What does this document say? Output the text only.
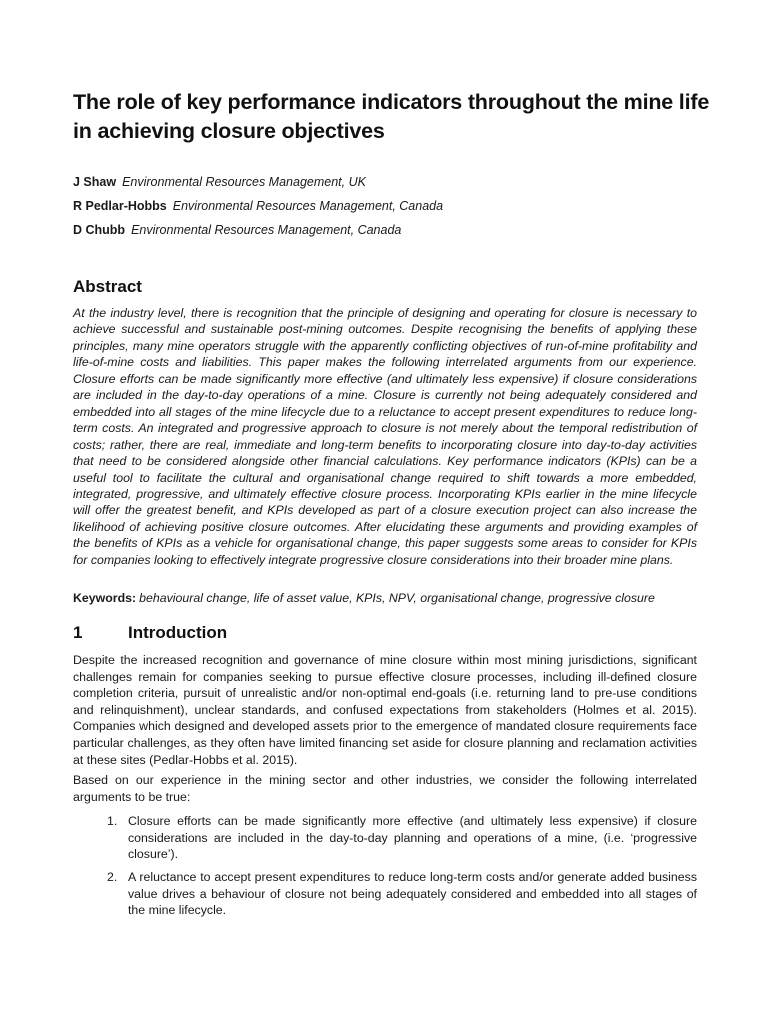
The role of key performance indicators throughout the mine life in achieving closure objectives
J Shaw Environmental Resources Management, UK
R Pedlar-Hobbs Environmental Resources Management, Canada
D Chubb Environmental Resources Management, Canada
Abstract
At the industry level, there is recognition that the principle of designing and operating for closure is necessary to achieve successful and sustainable post-mining outcomes. Despite recognising the benefits of applying these principles, many mine operators struggle with the apparently conflicting objectives of run-of-mine profitability and life-of-mine costs and liabilities. This paper makes the following interrelated arguments from our experience. Closure efforts can be made significantly more effective (and ultimately less expensive) if closure considerations are included in the day-to-day operations of a mine. Closure is currently not being adequately considered and embedded into all stages of the mine lifecycle due to a reluctance to accept present expenditures to reduce long-term costs. An integrated and progressive approach to closure is not merely about the temporal redistribution of costs; rather, there are real, immediate and long-term benefits to incorporating closure into day-to-day activities that need to be considered alongside other financial calculations. Key performance indicators (KPIs) can be a useful tool to facilitate the cultural and organisational change required to shift towards a more embedded, integrated, progressive, and ultimately effective closure process. Incorporating KPIs earlier in the mine lifecycle will offer the greatest benefit, and KPIs developed as part of a closure execution project can also increase the likelihood of achieving positive closure outcomes. After elucidating these arguments and providing examples of the benefits of KPIs as a vehicle for organisational change, this paper suggests some areas to consider for KPIs for companies looking to effectively integrate progressive closure considerations into their broader mine plans.
Keywords: behavioural change, life of asset value, KPIs, NPV, organisational change, progressive closure
1	Introduction
Despite the increased recognition and governance of mine closure within most mining jurisdictions, significant challenges remain for companies seeking to pursue effective closure processes, including ill-defined closure completion criteria, pursuit of unrealistic and/or non-optimal end-goals (i.e. returning land to pre-use conditions and relinquishment), unclear standards, and confused expectations from stakeholders (Holmes et al. 2015). Companies which designed and developed assets prior to the emergence of mandated closure requirements face particular challenges, as they often have limited financing set aside for closure planning and reclamation activities at these sites (Pedlar-Hobbs et al. 2015).
Based on our experience in the mining sector and other industries, we consider the following interrelated arguments to be true:
1. Closure efforts can be made significantly more effective (and ultimately less expensive) if closure considerations are included in the day-to-day planning and operations of a mine, (i.e. ‘progressive closure’).
2. A reluctance to accept present expenditures to reduce long-term costs and/or generate added business value drives a behaviour of closure not being adequately considered and embedded into all stages of the mine lifecycle.
